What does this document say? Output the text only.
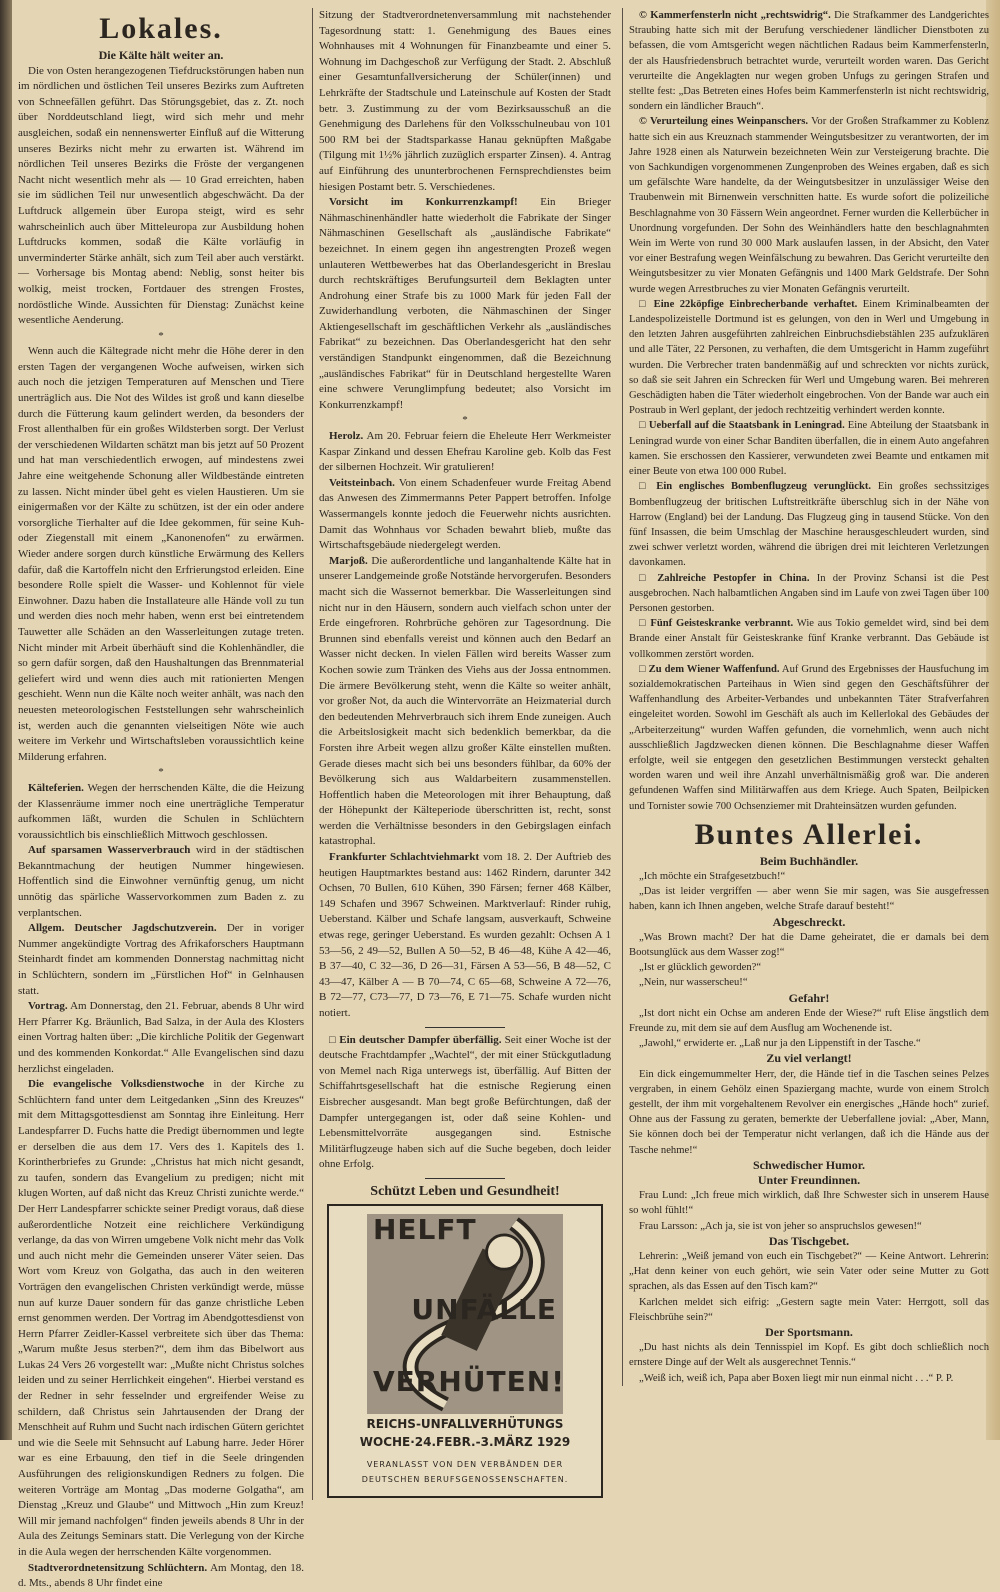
Lokales.
Die Kälte hält weiter an.

Die von Osten herangezogenen Tiefdruckstörungen haben nun im nördlichen und östlichen Teil unseres Bezirks zum Auftreten von Schneefällen geführt. Das Störungsgebiet, das z. Zt. noch über Norddeutschland liegt, wird sich mehr und mehr ausgleichen, sodaß ein nennenswerter Einfluß auf die Witterung unseres Bezirks nicht mehr zu erwarten ist. Während im nördlichen Teil unseres Bezirks die Fröste der vergangenen Nacht nicht wesentlich mehr als — 10 Grad erreichten, haben sie im südlichen Teil nur unwesentlich abgeschwächt. Da der Luftdruck allgemein über Europa steigt, wird es sehr wahrscheinlich auch über Mitteleuropa zur Ausbildung hohen Luftdrucks kommen, sodaß die Kälte vorläufig in unverminderter Stärke anhält, sich zum Teil aber auch verstärkt. — Vorhersage bis Montag abend: Neblig, sonst heiter bis wolkig, meist trocken, Fortdauer des strengen Frostes, nordöstliche Winde. Aussichten für Dienstag: Zunächst keine wesentliche Aenderung.

*

Wenn auch die Kältegrade nicht mehr die Höhe derer in den ersten Tagen der vergangenen Woche aufweisen, wirken sich auch noch die jetzigen Temperaturen auf Menschen und Tiere unerträglich aus. Die Not des Wildes ist groß und kann dieselbe durch die Fütterung kaum gelindert werden, da besonders der Frost allenthalben für ein großes Wildsterben sorgt. Der Verlust der verschiedenen Wildarten schätzt man bis jetzt auf 50 Prozent und hat man verschiedentlich erwogen, auf mindestens zwei Jahre eine weitgehende Schonung aller Wildbestände eintreten zu lassen. Nicht minder übel geht es vielen Haustieren. Um sie einigermaßen vor der Kälte zu schützen, ist der ein oder andere vorsorgliche Tierhalter auf die Idee gekommen, für seine Kuh- oder Ziegenstall mit einem „Kanonenofen“ zu erwärmen. Wieder andere sorgen durch künstliche Erwärmung des Kellers dafür, daß die Kartoffeln nicht den Erfrierungstod erleiden. Eine besondere Rolle spielt die Wasser- und Kohlennot für viele Einwohner. Dazu haben die Installateure alle Hände voll zu tun und werden dies noch mehr haben, wenn erst bei eintretendem Tauwetter alle Schäden an den Wasserleitungen zutage treten. Nicht minder mit Arbeit überhäuft sind die Kohlenhändler, die so gern dafür sorgen, daß den Haushaltungen das Brennmaterial geliefert wird und wenn dies auch mit rationierten Mengen geschieht. Wenn nun die Kälte noch weiter anhält, was nach den neuesten meteorologischen Feststellungen sehr wahrscheinlich ist, werden auch die genannten vielseitigen Nöte wie auch weitere im Verkehr und Wirtschaftsleben voraussichtlich keine Milderung erfahren.

*

Kälteferien. Wegen der herrschenden Kälte, die die Heizung der Klassenräume immer noch eine unerträgliche Temperatur aufkommen läßt, wurden die Schulen in Schlüchtern voraussichtlich bis einschließlich Mittwoch geschlossen.

Auf sparsamen Wasserverbrauch wird in der städtischen Bekanntmachung der heutigen Nummer hingewiesen. Hoffentlich sind die Einwohner vernünftig genug, um nicht unnötig das spärliche Wasservorkommen zum Baden z. zu verplantschen.

Allgem. Deutscher Jagdschutzverein. Der in voriger Nummer angekündigte Vortrag des Afrikaforschers Hauptmann Steinhardt findet am kommenden Donnerstag nachmittag nicht in Schlüchtern, sondern im „Fürstlichen Hof“ in Gelnhausen statt.

Vortrag. Am Donnerstag, den 21. Februar, abends 8 Uhr wird Herr Pfarrer Kg. Bräunlich, Bad Salza, in der Aula des Klosters einen Vortrag halten über: „Die kirchliche Politik der Gegenwart und des kommenden Konkordat.“ Alle Evangelischen sind dazu herzlichst eingeladen.

Die evangelische Volksdienstwoche in der Kirche zu Schlüchtern fand unter dem Leitgedanken „Sinn des Kreuzes“ mit dem Mittagsgottesdienst am Sonntag ihre Einleitung. Herr Landespfarrer D. Fuchs hatte die Predigt übernommen und legte er derselben die aus dem 17. Vers des 1. Kapitels des 1. Korintherbriefes zu Grunde: „Christus hat mich nicht gesandt, zu taufen, sondern das Evangelium zu predigen; nicht mit klugen Worten, auf daß nicht das Kreuz Christi zunichte werde.“ Der Herr Landespfarrer schickte seiner Predigt voraus, daß diese außerordentliche Notzeit eine reichlichere Verkündigung verlange, da das von Wirren umgebene Volk nicht mehr das Volk und auch nicht mehr die Gemeinden unserer Väter seien. Das Wort vom Kreuz von Golgatha, das auch in den weiteren Vorträgen den evangelischen Christen verkündigt werde, müsse nun auf kurze Dauer sondern für das ganze christliche Leben ernst genommen werden. Der Vortrag im Abendgottesdienst von Herrn Pfarrer Zeidler-Kassel verbreitete sich über das Thema: „Warum mußte Jesus sterben?“, dem ihm das Bibelwort aus Lukas 24 Vers 26 vorgestellt war: „Mußte nicht Christus solches leiden und zu seiner Herrlichkeit eingehen“. Hierbei verstand es der Redner in sehr fesselnder und ergreifender Weise zu schildern, daß Christus sein Jahrtausenden der Drang der Menschheit auf Ruhm und Sucht nach irdischen Gütern gerichtet und wie die Seele mit Sehnsucht auf Labung harre. Jeder Hörer war es eine Erbauung, den tief in die Seele dringenden Ausführungen des religionskundigen Redners zu folgen. Die weiteren Vorträge am Montag „Das moderne Golgatha“, am Dienstag „Kreuz und Glaube“ und Mittwoch „Hin zum Kreuz! Will mir jemand nachfolgen“ finden jeweils abends 8 Uhr in der Aula des Zeitungs Seminars statt. Die Verlegung von der Kirche in die Aula wegen der herrschenden Kälte vorgenommen.

Stadtverordnetensitzung Schlüchtern. Am Montag, den 18. d. Mts., abends 8 Uhr findet eine

Sitzung der Stadtverordnetenversammlung mit nachstehender Tagesordnung statt: 1. Genehmigung des Baues eines Wohnhauses mit 4 Wohnungen für Finanzbeamte und einer 5. Wohnung im Dachgeschoß zur Verfügung der Stadt. 2. Abschluß einer Gesamtunfallversicherung der Schüler(innen) und Lehrkräfte der Stadtschule und Lateinschule auf Kosten der Stadt betr. 3. Zustimmung zu der vom Bezirksausschuß an die Genehmigung des Darlehens für den Volksschulneubau von 101 500 RM bei der Stadtsparkasse Hanau geknüpften Maßgabe (Tilgung mit 1½% jährlich zuzüglich ersparter Zinsen). 4. Antrag auf Einführung des ununterbrochenen Fernsprechdienstes beim hiesigen Postamt betr. 5. Verschiedenes.

Vorsicht im Konkurrenzkampf! Ein Brieger Nähmaschinenhändler hatte wiederholt die Fabrikate der Singer Nähmaschinen Gesellschaft als „ausländische Fabrikate“ bezeichnet. In einem gegen ihn angestrengten Prozeß wegen unlauteren Wettbewerbes hat das Oberlandesgericht in Breslau durch rechtskräftiges Berufungsurteil dem Beklagten unter Androhung einer Strafe bis zu 1000 Mark für jeden Fall der Zuwiderhandlung verboten, die Nähmaschinen der Singer Aktiengesellschaft im geschäftlichen Verkehr als „ausländisches Fabrikat“ zu bezeichnen. Das Oberlandesgericht hat den sehr verständigen Standpunkt eingenommen, daß die Bezeichnung „ausländisches Fabrikat“ für in Deutschland hergestellte Waren eine schwere Verunglimpfung bedeutet; also Vorsicht im Konkurrenzkampf!

*

Herolz. Am 20. Februar feiern die Eheleute Herr Werkmeister Kaspar Zinkand und dessen Ehefrau Karoline geb. Kolb das Fest der silbernen Hochzeit. Wir gratulieren!

Veitsteinbach. Von einem Schadenfeuer wurde Freitag Abend das Anwesen des Zimmermanns Peter Pappert betroffen. Infolge Wassermangels konnte jedoch die Feuerwehr nichts ausrichten. Damit das Wohnhaus vor Schaden bewahrt blieb, mußte das Wirtschaftsgebäude niedergelegt werden.

Marjoß. Die außerordentliche und langanhaltende Kälte hat in unserer Landgemeinde große Notstände hervorgerufen. Besonders macht sich die Wassernot bemerkbar. Die Wasserleitungen sind nicht nur in den Häusern, sondern auch vielfach schon unter der Erde eingefroren. Rohrbrüche gehören zur Tagesordnung. Die Brunnen sind ebenfalls vereist und können auch den Bedarf an Wasser nicht decken. In vielen Fällen wird bereits Wasser zum Kochen sowie zum Tränken des Viehs aus der Jossa entnommen. Die ärmere Bevölkerung steht, wenn die Kälte so weiter anhält, vor großer Not, da auch die Wintervorräte an Heizmaterial durch den bedeutenden Mehrverbrauch sich ihrem Ende zuneigen. Auch die Arbeitslosigkeit macht sich bedenklich bemerkbar, da die Forsten ihre Arbeit wegen allzu großer Kälte einstellen mußten. Gerade dieses macht sich bei uns besonders fühlbar, da 60% der Bevölkerung sich aus Waldarbeitern zusammenstellen. Hoffentlich haben die Meteorologen mit ihrer Behauptung, daß der Höhepunkt der Kälteperiode überschritten ist, recht, sonst werden die Verhältnisse besonders in den Gebirgslagen einfach katastrophal.

Frankfurter Schlachtviehmarkt vom 18. 2. Der Auftrieb des heutigen Hauptmarktes bestand aus: 1462 Rindern, darunter 342 Ochsen, 70 Bullen, 610 Kühen, 390 Färsen; ferner 468 Kälber, 149 Schafen und 3967 Schweinen. Marktverlauf: Rinder ruhig, Ueberstand. Kälber und Schafe langsam, ausverkauft, Schweine etwas rege, geringer Ueberstand. Es wurden gezahlt: Ochsen A 1 53—56, 2 49—52, Bullen A 50—52, B 46—48, Kühe A 42—46, B 37—40, C 32—36, D 26—31, Färsen A 53—56, B 48—52, C 43—47, Kälber A — B 70—74, C 65—68, Schweine A 72—76, B 72—77, C73—77, D 73—76, E 71—75. Schafe wurden nicht notiert.

□ Ein deutscher Dampfer überfällig. Seit einer Woche ist der deutsche Frachtdampfer „Wachtel“, der mit einer Stückgutladung von Memel nach Riga unterwegs ist, überfällig. Auf Bitten der Schiffahrtsgesellschaft hat die estnische Regierung einen Eisbrecher ausgesandt. Man begt große Befürchtungen, daß der Dampfer untergegangen ist, oder daß seine Kohlen- und Lebensmittelvorräte ausgegangen sind. Estnische Militärflugzeuge haben sich auf die Suche begeben, doch leider ohne Erfolg.

Schützt Leben und Gesundheit!
HELFT
UNFÄLLE
VERHÜTEN!
REICHS-UNFALLVERHÜTUNGS
WOCHE·24.FEBR.-3.MÄRZ 1929
VERANLASST VON DEN VERBÄNDEN DER
DEUTSCHEN BERUFSGENOSSENSCHAFTEN.

© Kammerfensterln nicht „rechtswidrig“. Die Strafkammer des Landgerichtes Straubing hatte sich mit der Berufung verschiedener ländlicher Dienstboten zu befassen, die vom Amtsgericht wegen nächtlichen Radaus beim Kammerfensterln, der als Hausfriedensbruch betrachtet wurde, verurteilt worden waren. Das Gericht verurteilte die Angeklagten nur wegen groben Unfugs zu geringen Strafen und stellte fest: „Das Betreten eines Hofes beim Kammerfensterln ist nicht rechtswidrig, sondern ein ländlicher Brauch“.

© Verurteilung eines Weinpanschers. Vor der Großen Strafkammer zu Koblenz hatte sich ein aus Kreuznach stammender Weingutsbesitzer zu verantworten, der im Jahre 1928 einen als Naturwein bezeichneten Wein zur Versteigerung brachte. Die von Sachkundigen vorgenommenen Zungenproben des Weines ergaben, daß es sich um gefälschte Ware handelte, da der Weingutsbesitzer in unzulässiger Weise den Traubenwein mit Birnenwein verschnitten hatte. Es wurde sofort die polizeiliche Beschlagnahme von 30 Fässern Wein angeordnet. Ferner wurden die Kellerbücher in Unordnung vorgefunden. Der Sohn des Weinhändlers hatte den beschlagnahmten Wein im Werte von rund 30 000 Mark auslaufen lassen, in der Absicht, den Vater vor einer Bestrafung wegen Weinfälschung zu bewahren. Das Gericht verurteilte den Weingutsbesitzer zu vier Monaten Gefängnis und 1400 Mark Geldstrafe. Der Sohn wurde wegen Arrestbruches zu vier Monaten Gefängnis verurteilt.

□ Eine 22köpfige Einbrecherbande verhaftet. Einem Kriminalbeamten der Landespolizeistelle Dortmund ist es gelungen, von den in Werl und Umgebung in den letzten Jahren ausgeführten zahlreichen Einbruchsdiebstählen 235 aufzuklären und alle Täter, 22 Personen, zu verhaften, die dem Umtsgericht in Hamm zugeführt wurden. Die Verbrecher traten bandenmäßig auf und schreckten vor nichts zurück, so daß sie seit Jahren ein Schrecken für Werl und Umgebung waren. Bei mehreren Geschädigten haben die Täter wiederholt eingebrochen. Von der Bande war auch ein Postraub in Werl geplant, der jedoch rechtzeitig verhindert werden konnte.

□ Ueberfall auf die Staatsbank in Leningrad. Eine Abteilung der Staatsbank in Leningrad wurde von einer Schar Banditen überfallen, die in einem Auto angefahren kamen. Sie erschossen den Kassierer, verwundeten zwei Beamte und entkamen mit einer Beute von etwa 100 000 Rubel.

□ Ein englisches Bombenflugzeug verunglückt. Ein großes sechssitziges Bombenflugzeug der britischen Luftstreitkräfte überschlug sich in der Nähe von Harrow (England) bei der Landung. Das Flugzeug ging in tausend Stücke. Von den fünf Insassen, die beim Umschlag der Maschine herausgeschleudert wurden, sind zwei schwer verletzt worden, während die übrigen drei mit leichteren Verletzungen davonkamen.

□ Zahlreiche Pestopfer in China. In der Provinz Schansi ist die Pest ausgebrochen. Nach halbamtlichen Angaben sind im Laufe von zwei Tagen über 100 Personen gestorben.

□ Fünf Geisteskranke verbrannt. Wie aus Tokio gemeldet wird, sind bei dem Brande einer Anstalt für Geisteskranke fünf Kranke verbrannt. Das Gebäude ist vollkommen zerstört worden.

□ Zu dem Wiener Waffenfund. Auf Grund des Ergebnisses der Hausfuchung im sozialdemokratischen Parteihaus in Wien sind gegen den Geschäftsführer der Waffenhandlung des Arbeiter-Verbandes und unbekannten Täter Strafverfahren eingeleitet worden. Sowohl im Geschäft als auch im Kellerlokal des Gebäudes der „Arbeiterzeitung“ wurden Waffen gefunden, die vornehmlich, wenn auch nicht ausschließlich Jagdzwecken dienen können. Die Beschlagnahme dieser Waffen erfolgte, weil sie entgegen den gesetzlichen Bestimmungen versteckt gehalten worden waren und weil ihre Anzahl unverhältnismäßig groß war. Die anderen gefundenen Waffen sind Militärwaffen aus dem Kriege. Auch Spaten, Beilpicken und Tornister sowie 700 Ochsenziemer mit Drahteinsätzen wurden gefunden.

Buntes Allerlei.
Beim Buchhändler.

„Ich möchte ein Strafgesetzbuch!“

„Das ist leider vergriffen — aber wenn Sie mir sagen, was Sie ausgefressen haben, kann ich Ihnen angeben, welche Strafe darauf besteht!“

Abgeschreckt.

„Was Brown macht? Der hat die Dame geheiratet, die er damals bei dem Bootsunglück aus dem Wasser zog!“

„Ist er glücklich geworden?“

„Nein, nur wasserscheu!“

Gefahr!

„Ist dort nicht ein Ochse am anderen Ende der Wiese?“ ruft Elise ängstlich dem Freunde zu, mit dem sie auf dem Ausflug am Wochenende ist.

„Jawohl,“ erwiderte er. „Laß nur ja den Lippenstift in der Tasche.“

Zu viel verlangt!

Ein dick eingemummelter Herr, der, die Hände tief in die Taschen seines Pelzes vergraben, in einem Gehölz einen Spaziergang machte, wurde von einem Strolch gestellt, der ihm mit vorgehaltenem Revolver ein energisches „Hände hoch“ zurief. Ohne aus der Fassung zu geraten, bemerkte der Ueberfallene jovial: „Aber, Mann, Sie können doch bei der Temperatur nicht verlangen, daß ich die Hände aus der Tasche nehme!“

Schwedischer Humor.
Unter Freundinnen.

Frau Lund: „Ich freue mich wirklich, daß Ihre Schwester sich in unserem Hause so wohl fühlt!“

Frau Larsson: „Ach ja, sie ist von jeher so anspruchslos gewesen!“

Das Tischgebet.

Lehrerin: „Weiß jemand von euch ein Tischgebet?“ — Keine Antwort. Lehrerin: „Hat denn keiner von euch gehört, wie sein Vater oder seine Mutter zu Gott sprachen, als das Essen auf den Tisch kam?“

Karlchen meldet sich eifrig: „Gestern sagte mein Vater: Herrgott, soll das Fleischbrühe sein?“

Der Sportsmann.

„Du hast nichts als dein Tennisspiel im Kopf. Es gibt doch schließlich noch ernstere Dinge auf der Welt als ausgerechnet Tennis.“

„Weiß ich, weiß ich, Papa aber Boxen liegt mir nun einmal nicht . . .“ P. P.
